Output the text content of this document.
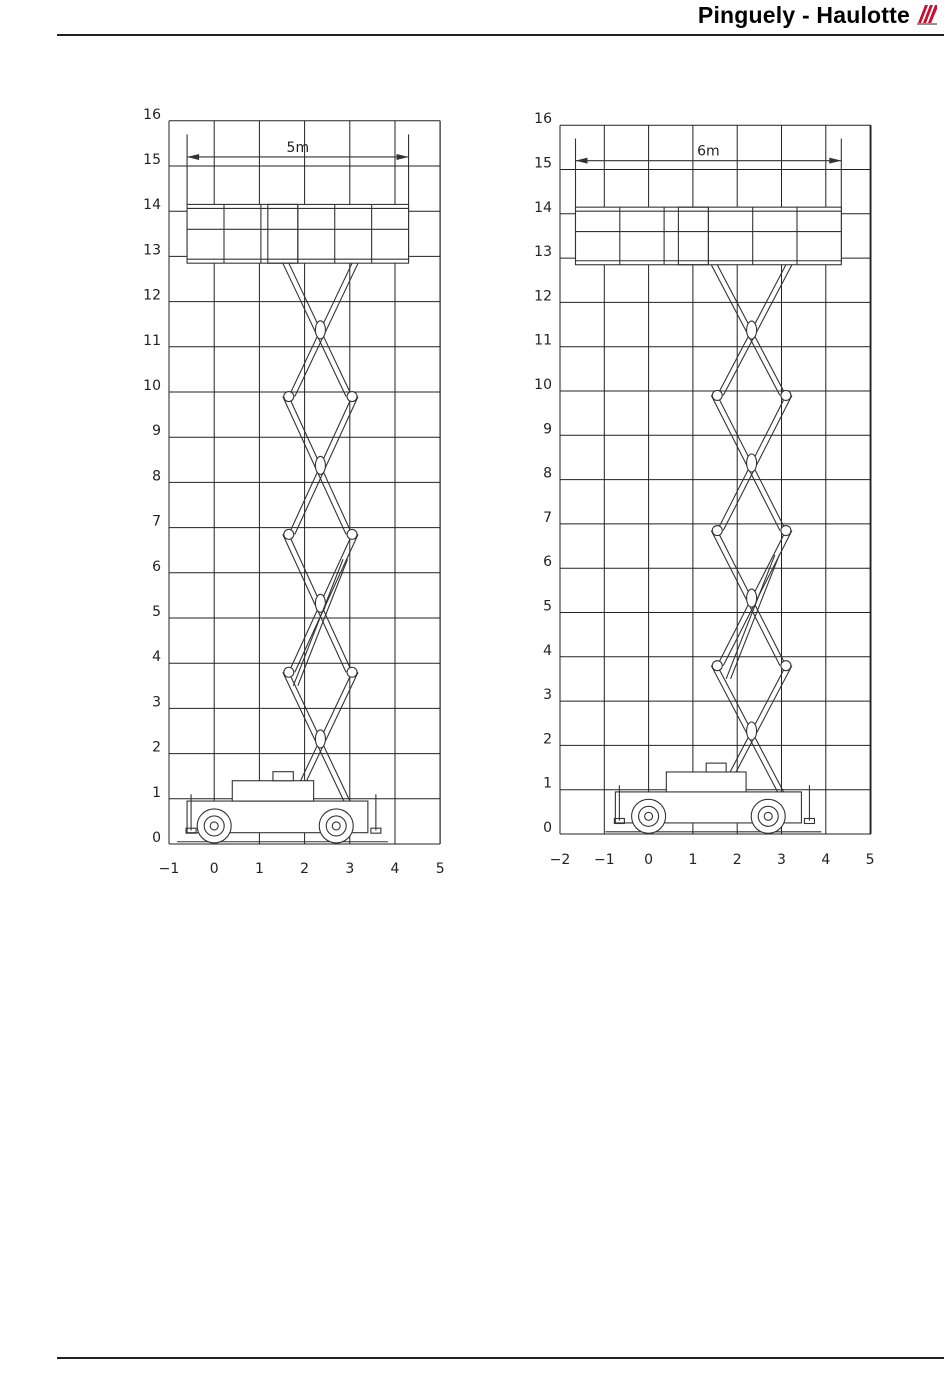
Pinguely - Haulotte
0
1
2
3
4
5
6
7
8
9
10
11
12
13
14
15
16
−1 0	1	2	3	4	5
5m
0
1
2
3
4
5
6
7
8
9
10
11
12
13
14
15
16
−2 −1 0	1	2	3	4	5
6m
